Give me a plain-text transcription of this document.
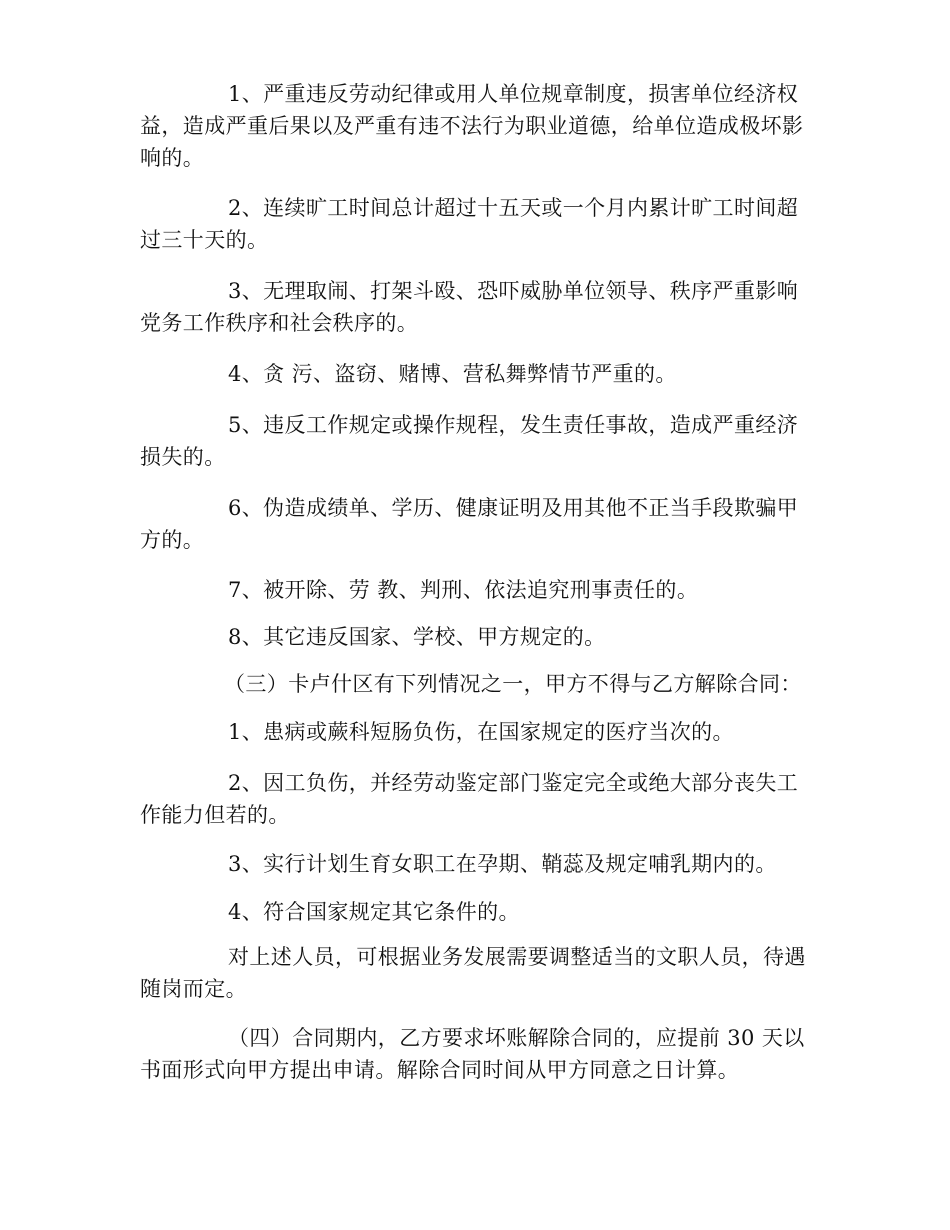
1、严重违反劳动纪律或用人单位规章制度，损害单位经济权益，造成严重后果以及严重有违不法行为职业道德，给单位造成极坏影响的。

2、连续旷工时间总计超过十五天或一个月内累计旷工时间超过三十天的。

3、无理取闹、打架斗殴、恐吓威胁单位领导、秩序严重影响党务工作秩序和社会秩序的。

4、贪 污、盗窃、赌博、营私舞弊情节严重的。

5、违反工作规定或操作规程，发生责任事故，造成严重经济损失的。

6、伪造成绩单、学历、健康证明及用其他不正当手段欺骗甲方的。

7、被开除、劳 教、判刑、依法追究刑事责任的。

8、其它违反国家、学校、甲方规定的。

（三）卡卢什区有下列情况之一，甲方不得与乙方解除合同：

1、患病或蕨科短肠负伤，在国家规定的医疗当次的。

2、因工负伤，并经劳动鉴定部门鉴定完全或绝大部分丧失工作能力但若的。

3、实行计划生育女职工在孕期、鞘蕊及规定哺乳期内的。

4、符合国家规定其它条件的。

对上述人员，可根据业务发展需要调整适当的文职人员，待遇随岗而定。

（四）合同期内，乙方要求坏账解除合同的，应提前 30 天以书面形式向甲方提出申请。解除合同时间从甲方同意之日计算。
